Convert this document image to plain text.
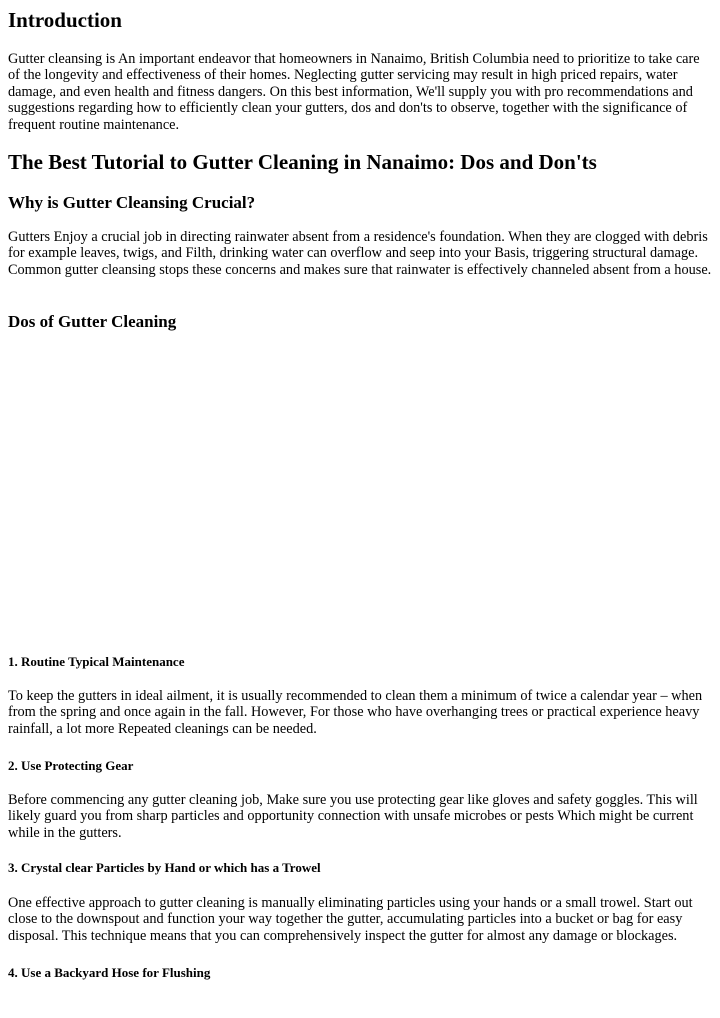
Introduction

Gutter cleansing is An important endeavor that homeowners in Nanaimo, British Columbia need to prioritize to take care of the longevity and effectiveness of their homes. Neglecting gutter servicing may result in high priced repairs, water damage, and even health and fitness dangers. On this best information, We'll supply you with pro recommendations and suggestions regarding how to efficiently clean your gutters, dos and don'ts to observe, together with the significance of frequent routine maintenance.

The Best Tutorial to Gutter Cleaning in Nanaimo: Dos and Don'ts
Why is Gutter Cleansing Crucial?

Gutters Enjoy a crucial job in directing rainwater absent from a residence's foundation. When they are clogged with debris for example leaves, twigs, and Filth, drinking water can overflow and seep into your Basis, triggering structural damage. Common gutter cleansing stops these concerns and makes sure that rainwater is effectively channeled absent from a house.

Dos of Gutter Cleaning
1. Routine Typical Maintenance

To keep the gutters in ideal ailment, it is usually recommended to clean them a minimum of twice a calendar year – when from the spring and once again in the fall. However, For those who have overhanging trees or practical experience heavy rainfall, a lot more Repeated cleanings can be needed.

2. Use Protecting Gear

Before commencing any gutter cleaning job, Make sure you use protecting gear like gloves and safety goggles. This will likely guard you from sharp particles and opportunity connection with unsafe microbes or pests Which might be current while in the gutters.

3. Crystal clear Particles by Hand or which has a Trowel

One effective approach to gutter cleaning is manually eliminating particles using your hands or a small trowel. Start out close to the downspout and function your way together the gutter, accumulating particles into a bucket or bag for easy disposal. This technique means that you can comprehensively inspect the gutter for almost any damage or blockages.

4. Use a Backyard Hose for Flushing
